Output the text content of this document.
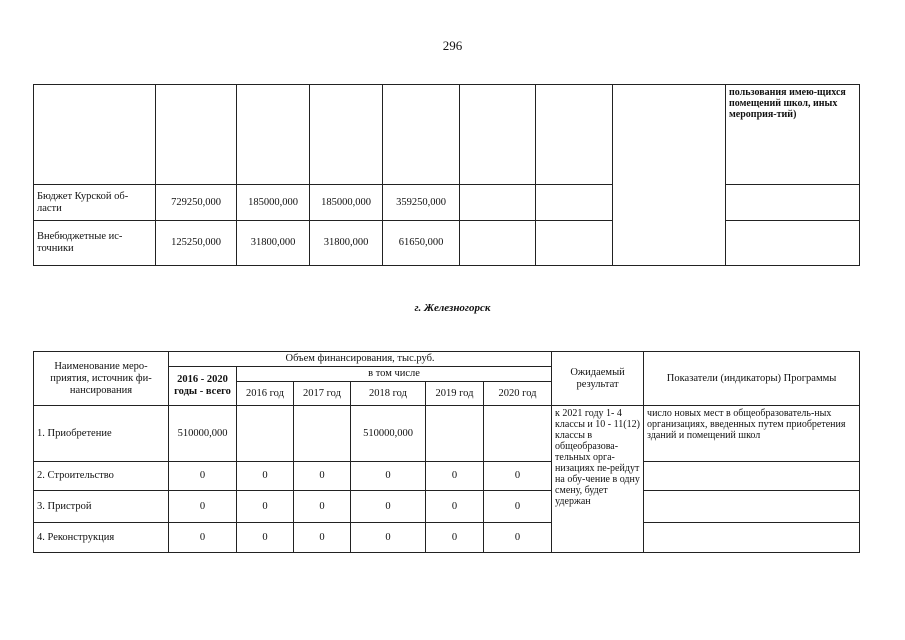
296
								пользования имею-щихся помещений школ, иных мероприя-тий)
Бюджет Курской об-ласти	729250,000	185000,000	185000,000	359250,000				
Внебюджетные ис-точники	125250,000	31800,000	31800,000	61650,000				
г. Железногорск
Наименование меро-приятия, источник фи-нансирования	Объем финансирования, тыс.руб.						Ожидаемый результат	Показатели (индикаторы) Программы
	2016 - 2020 годы - всего	в том числе						
		2016 год	2017 год	2018 год	2019 год	2020 год		
1. Приобретение	510000,000			510000,000			к 2021 году 1- 4 классы и 10 - 11(12) классы в общеобразова-тельных орга-низациях пе-рейдут на обу-чение в одну смену, будет удержан	число новых мест в общеобразователь-ных организациях, введенных путем приобретения зданий и помещений школ
2. Строительство	0	0	0	0	0	0		
3. Пристрой	0	0	0	0	0	0		
4. Реконструкция	0	0	0	0	0	0		
